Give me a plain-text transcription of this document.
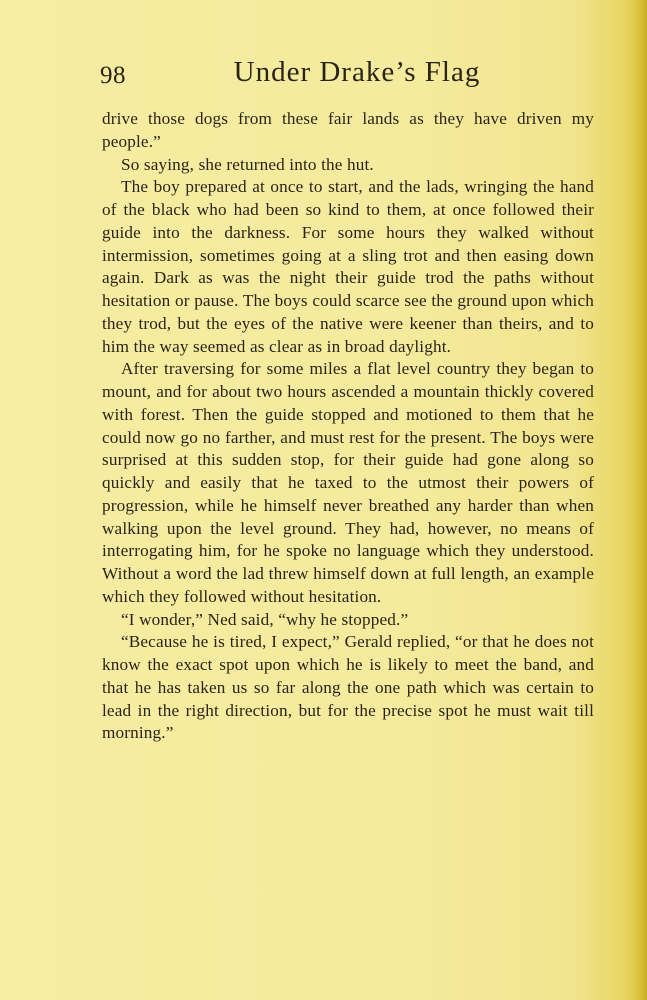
98	Under Drake’s Flag

drive those dogs from these fair lands as they have driven my people.”

So saying, she returned into the hut.

The boy prepared at once to start, and the lads, wringing the hand of the black who had been so kind to them, at once followed their guide into the darkness. For some hours they walked without intermission, sometimes going at a sling trot and then easing down again. Dark as was the night their guide trod the paths without hesitation or pause. The boys could scarce see the ground upon which they trod, but the eyes of the native were keener than theirs, and to him the way seemed as clear as in broad daylight.

After traversing for some miles a flat level country they began to mount, and for about two hours ascended a mountain thickly covered with forest. Then the guide stopped and motioned to them that he could now go no farther, and must rest for the present. The boys were surprised at this sudden stop, for their guide had gone along so quickly and easily that he taxed to the utmost their powers of progression, while he himself never breathed any harder than when walking upon the level ground. They had, however, no means of interrogating him, for he spoke no language which they understood. Without a word the lad threw himself down at full length, an example which they followed without hesitation.

“I wonder,” Ned said, “why he stopped.”

“Because he is tired, I expect,” Gerald replied, “or that he does not know the exact spot upon which he is likely to meet the band, and that he has taken us so far along the one path which was certain to lead in the right direction, but for the precise spot he must wait till morning.”
